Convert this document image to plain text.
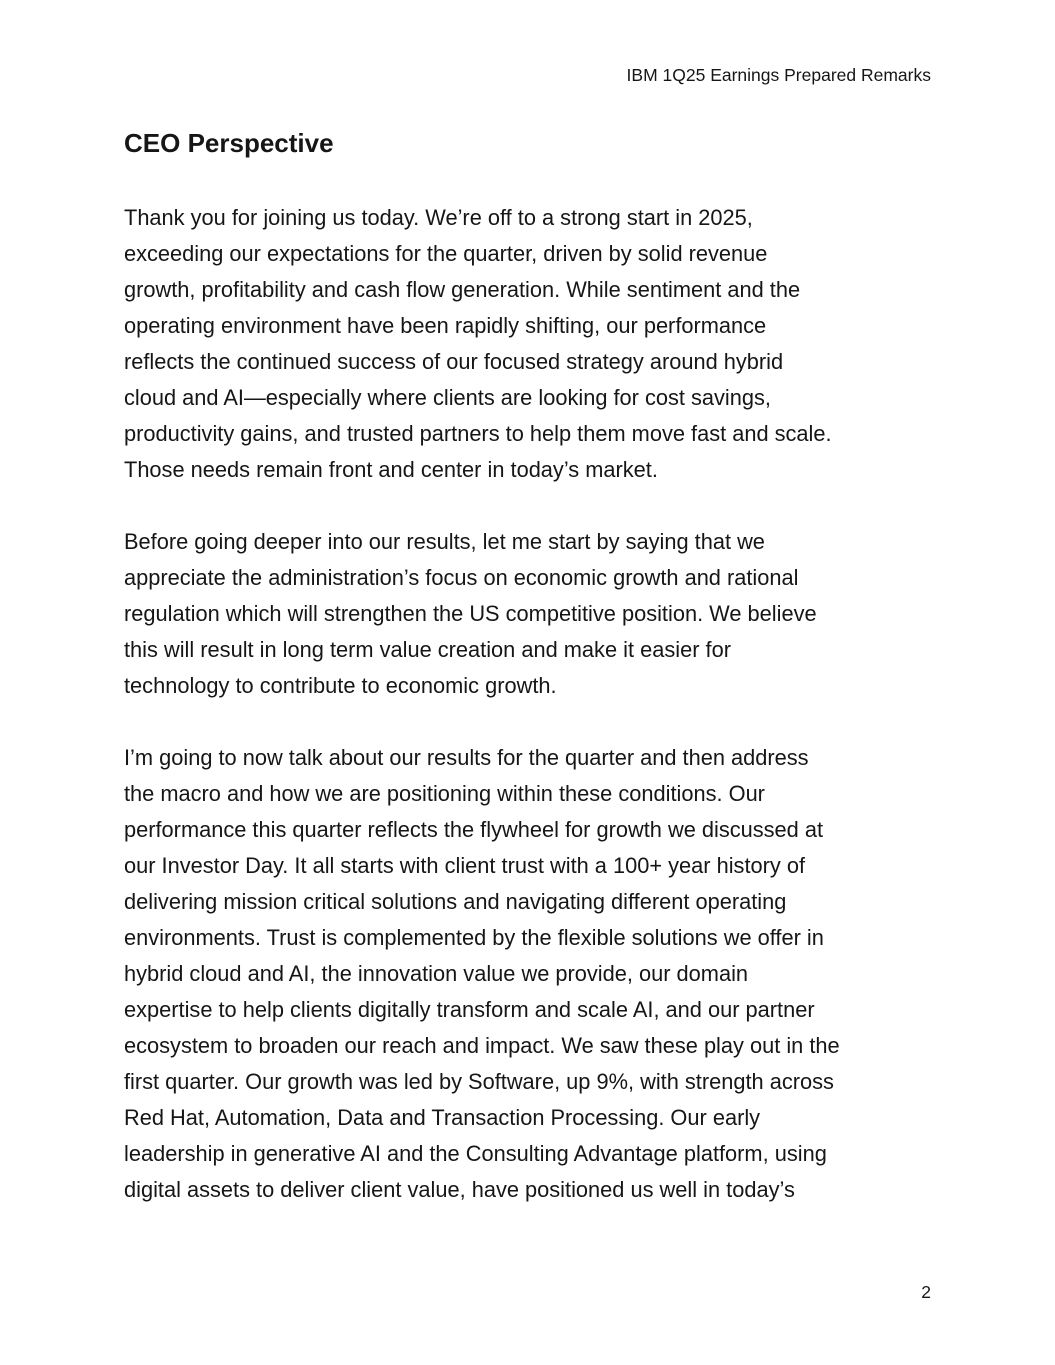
IBM 1Q25 Earnings Prepared Remarks
CEO Perspective

Thank you for joining us today. We’re off to a strong start in 2025,
exceeding our expectations for the quarter, driven by solid revenue
growth, profitability and cash flow generation. While sentiment and the
operating environment have been rapidly shifting, our performance
reflects the continued success of our focused strategy around hybrid
cloud and AI—especially where clients are looking for cost savings,
productivity gains, and trusted partners to help them move fast and scale.
Those needs remain front and center in today’s market.

Before going deeper into our results, let me start by saying that we
appreciate the administration’s focus on economic growth and rational
regulation which will strengthen the US competitive position. We believe
this will result in long term value creation and make it easier for
technology to contribute to economic growth.

I’m going to now talk about our results for the quarter and then address
the macro and how we are positioning within these conditions. Our
performance this quarter reflects the flywheel for growth we discussed at
our Investor Day. It all starts with client trust with a 100+ year history of
delivering mission critical solutions and navigating different operating
environments. Trust is complemented by the flexible solutions we offer in
hybrid cloud and AI, the innovation value we provide, our domain
expertise to help clients digitally transform and scale AI, and our partner
ecosystem to broaden our reach and impact. We saw these play out in the
first quarter. Our growth was led by Software, up 9%, with strength across
Red Hat, Automation, Data and Transaction Processing. Our early
leadership in generative AI and the Consulting Advantage platform, using
digital assets to deliver client value, have positioned us well in today’s

2
